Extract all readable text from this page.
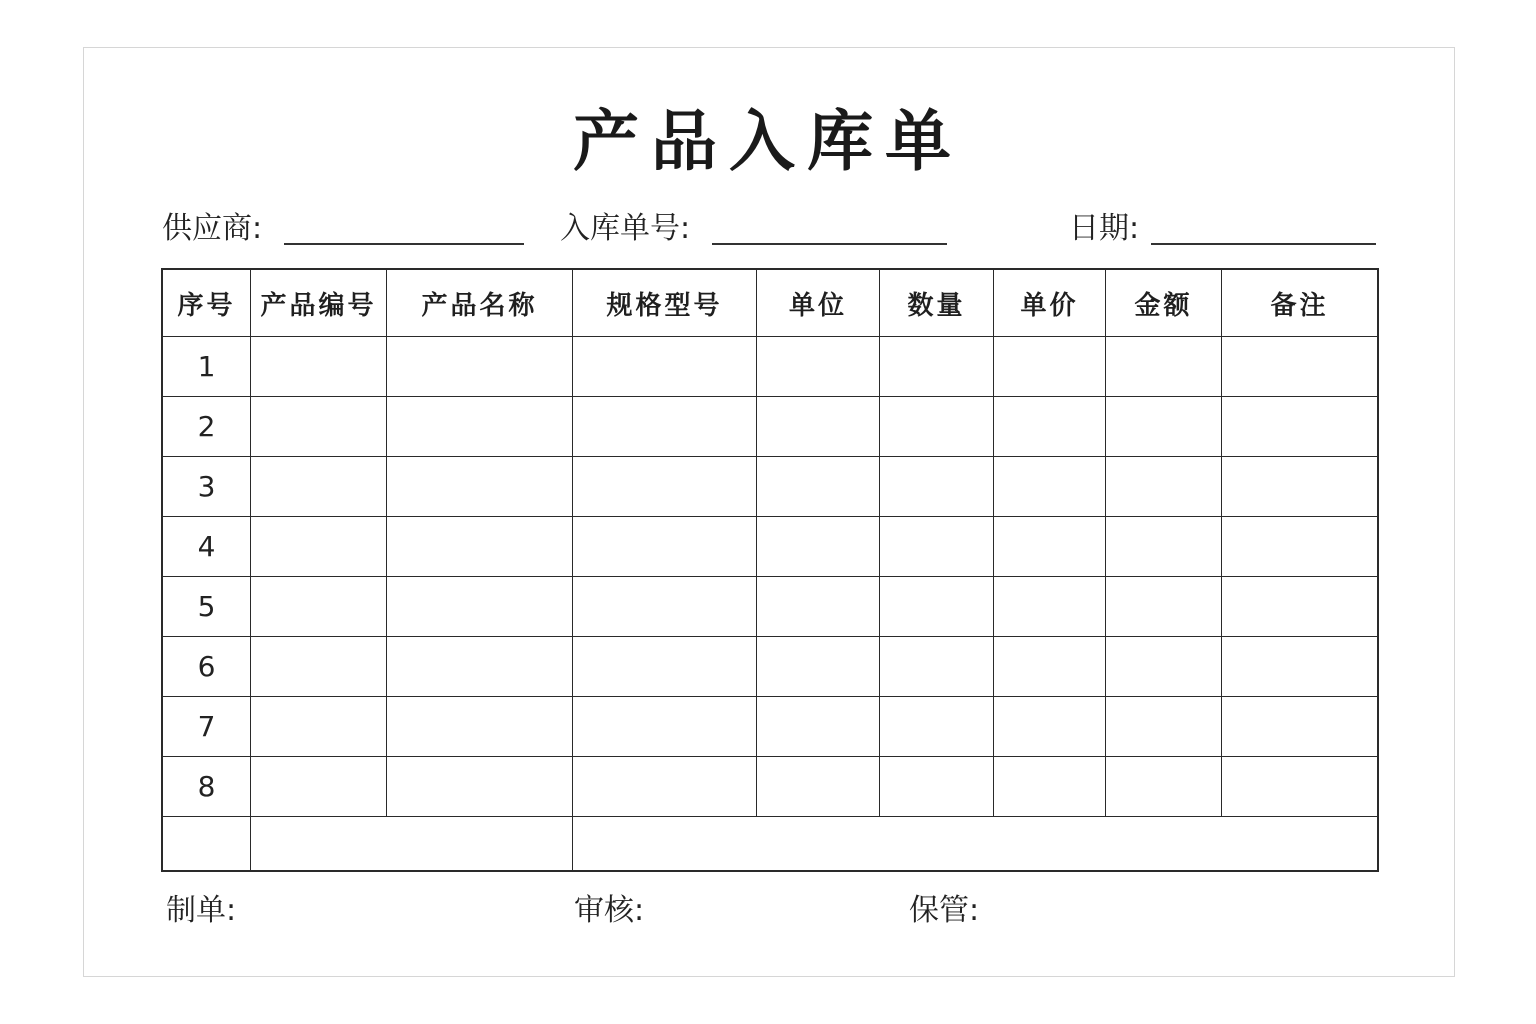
产品入库单
供应商:	入库单号:	日期:
序号	产品编号	产品名称	规格型号	单位	数量	单价	金额	备注
1								
2								
3								
4								
5								
6								
7								
8								

制单:	审核:	保管:
